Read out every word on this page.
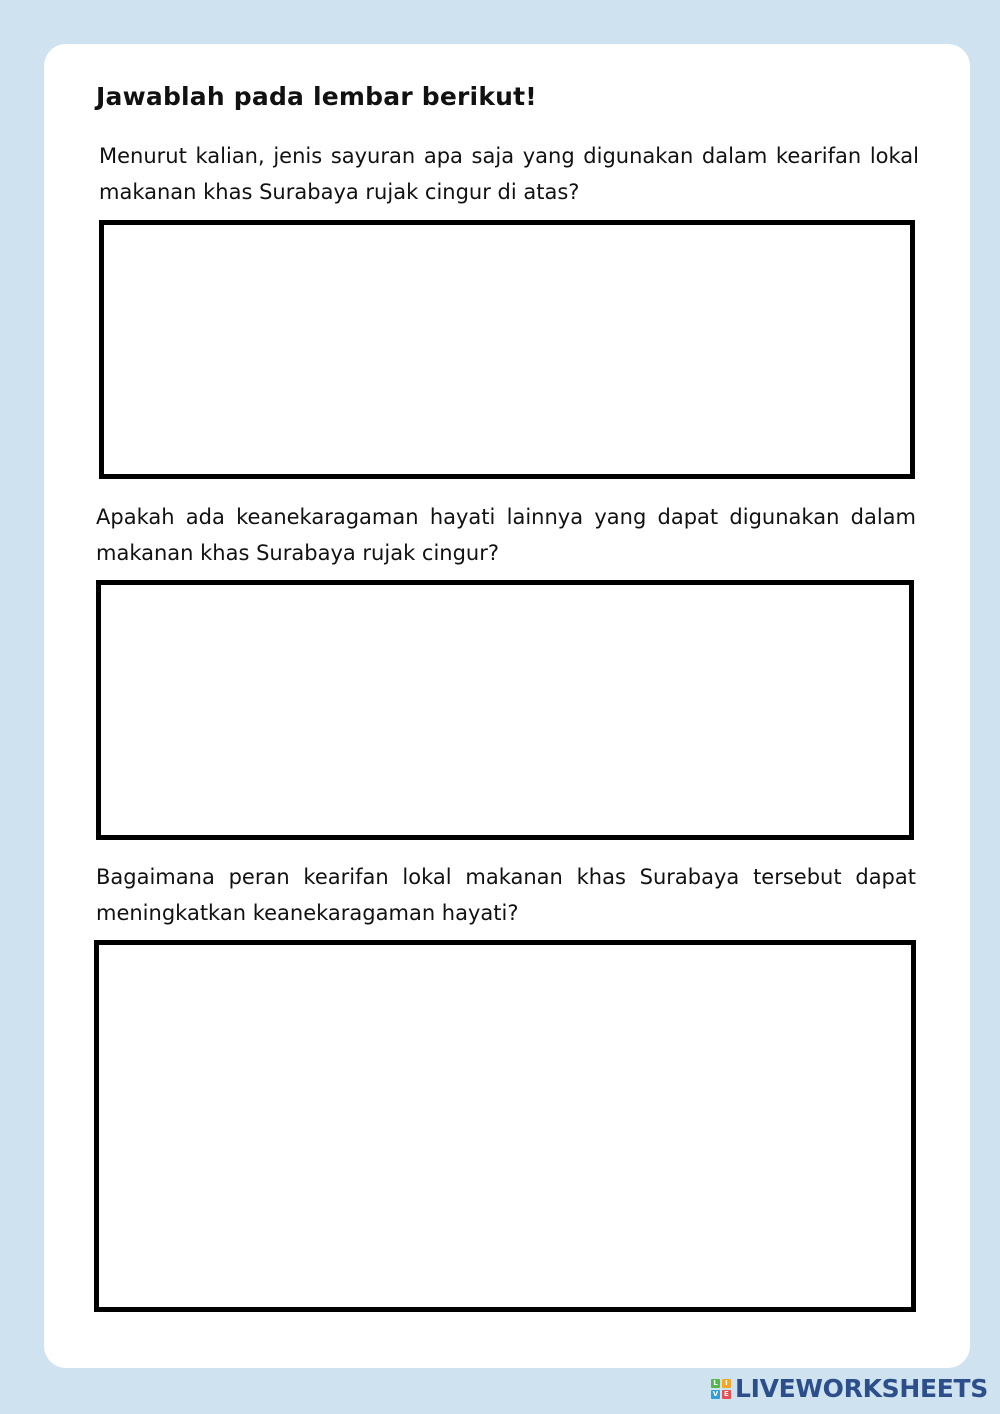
Jawablah pada lembar berikut!

Menurut kalian, jenis sayuran apa saja yang digunakan dalam kearifan lokal makanan khas Surabaya rujak cingur di atas?

Apakah ada keanekaragaman hayati lainnya yang dapat digunakan dalam makanan khas Surabaya rujak cingur?

Bagaimana peran kearifan lokal makanan khas Surabaya tersebut dapat meningkatkan keanekaragaman hayati?

L	I
V E LIVEWORKSHEETS
